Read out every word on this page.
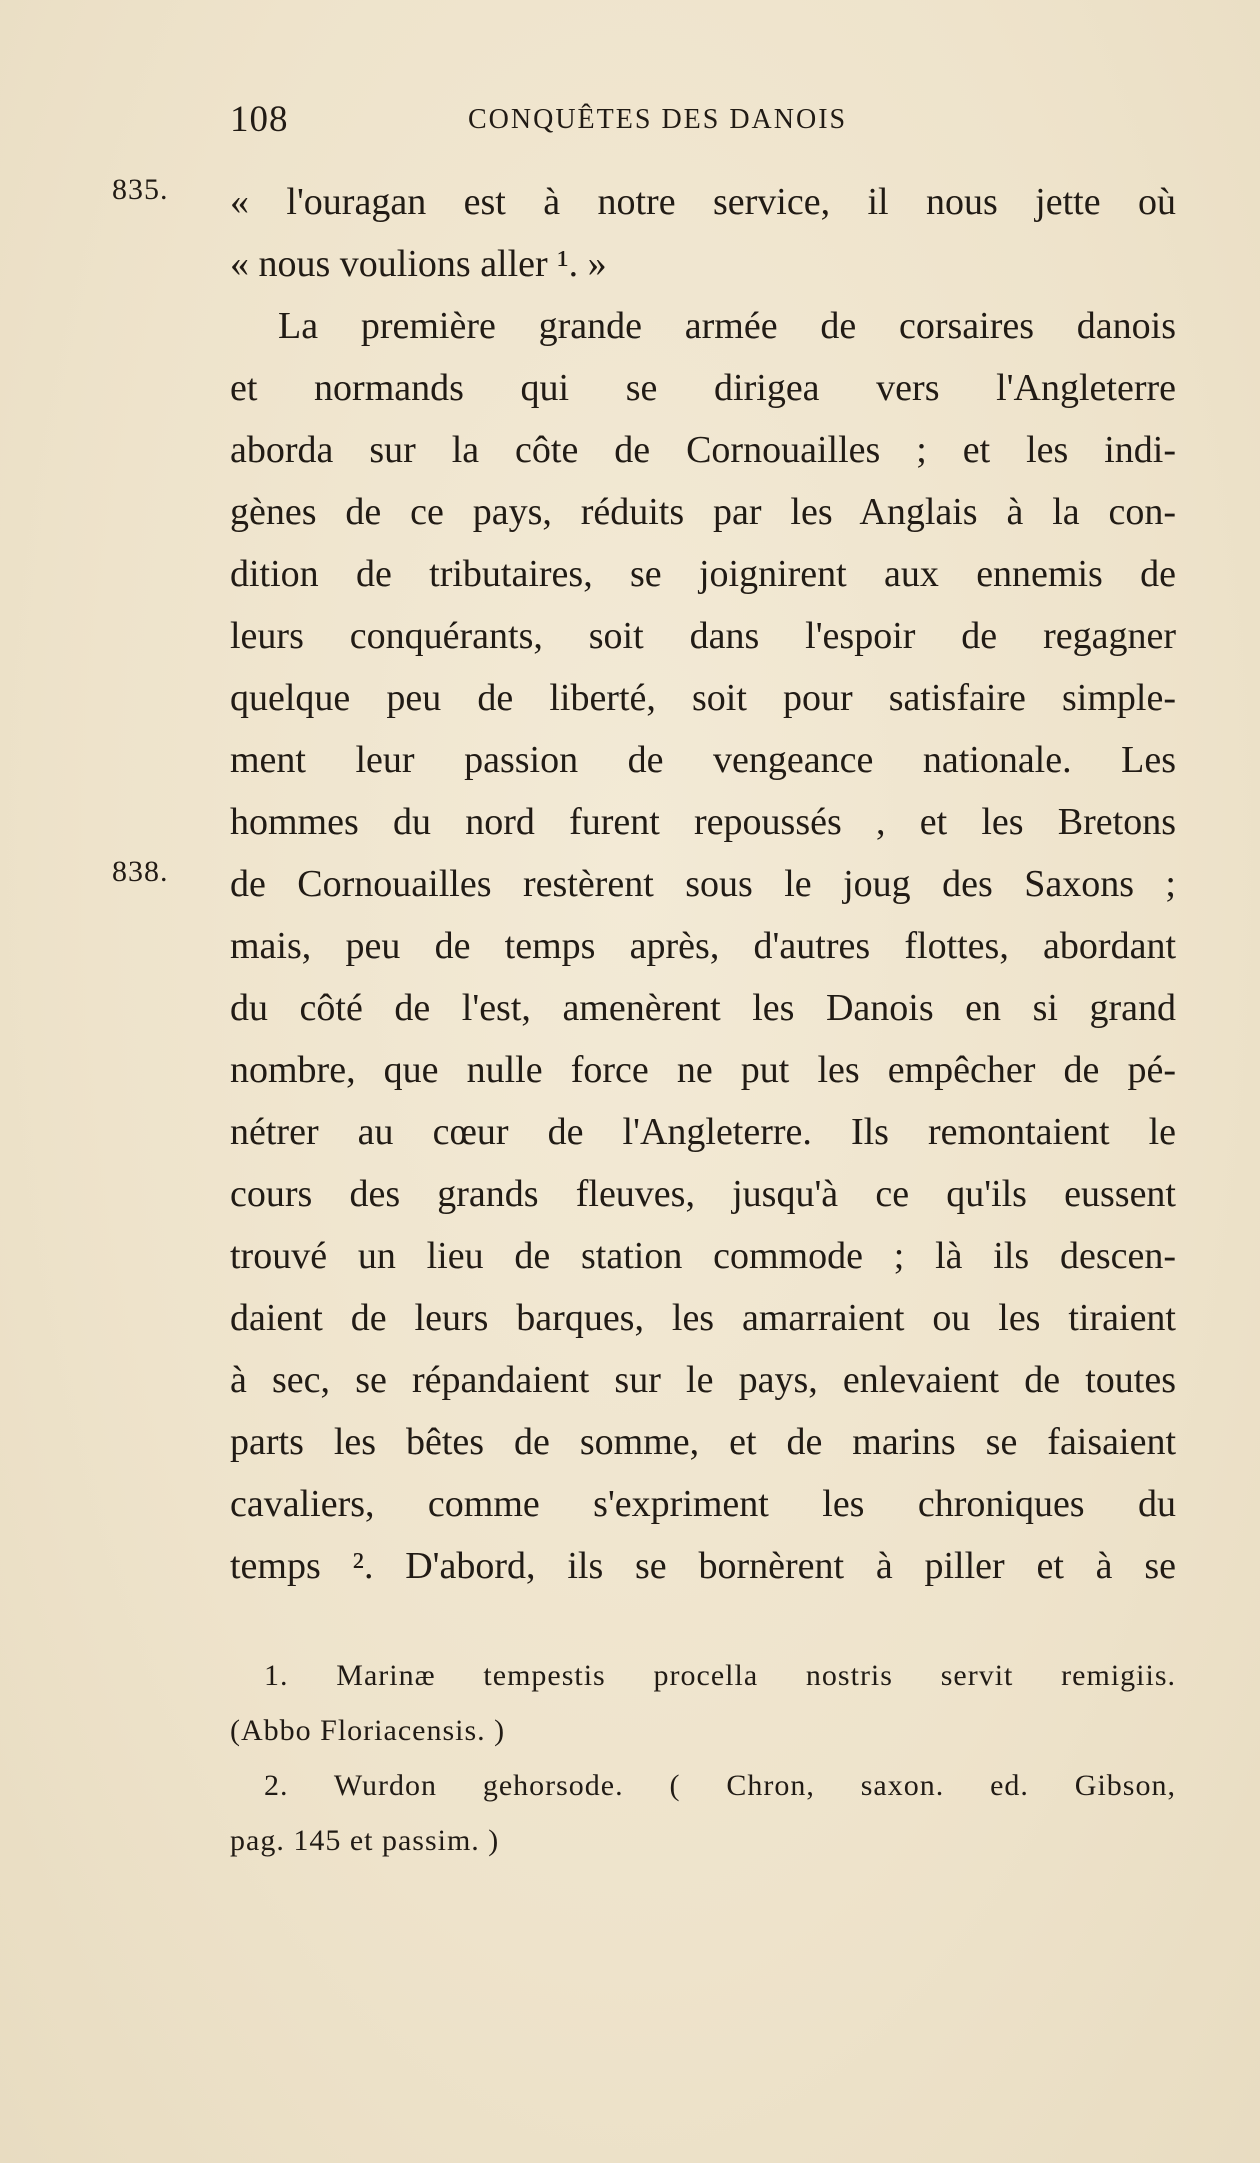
108	CONQUÊTES DES DANOIS
835.
838.
« l'ouragan est à notre service, il nous jette où
« nous voulions aller ¹. »
La première grande armée de corsaires danois
et normands qui se dirigea vers l'Angleterre
aborda sur la côte de Cornouailles ; et les indi-
gènes de ce pays, réduits par les Anglais à la con-
dition de tributaires, se joignirent aux ennemis de
leurs conquérants, soit dans l'espoir de regagner
quelque peu de liberté, soit pour satisfaire simple-
ment leur passion de vengeance nationale. Les
hommes du nord furent repoussés , et les Bretons
de Cornouailles restèrent sous le joug des Saxons ;
mais, peu de temps après, d'autres flottes, abordant
du côté de l'est, amenèrent les Danois en si grand
nombre, que nulle force ne put les empêcher de pé-
nétrer au cœur de l'Angleterre. Ils remontaient le
cours des grands fleuves, jusqu'à ce qu'ils eussent
trouvé un lieu de station commode ; là ils descen-
daient de leurs barques, les amarraient ou les tiraient
à sec, se répandaient sur le pays, enlevaient de toutes
parts les bêtes de somme, et de marins se faisaient
cavaliers, comme s'expriment les chroniques du
temps ². D'abord, ils se bornèrent à piller et à se
1. Marinæ tempestis procella nostris servit remigiis.
(Abbo Floriacensis. )
2. Wurdon gehorsode. ( Chron, saxon. ed. Gibson,
pag. 145 et passim. )
